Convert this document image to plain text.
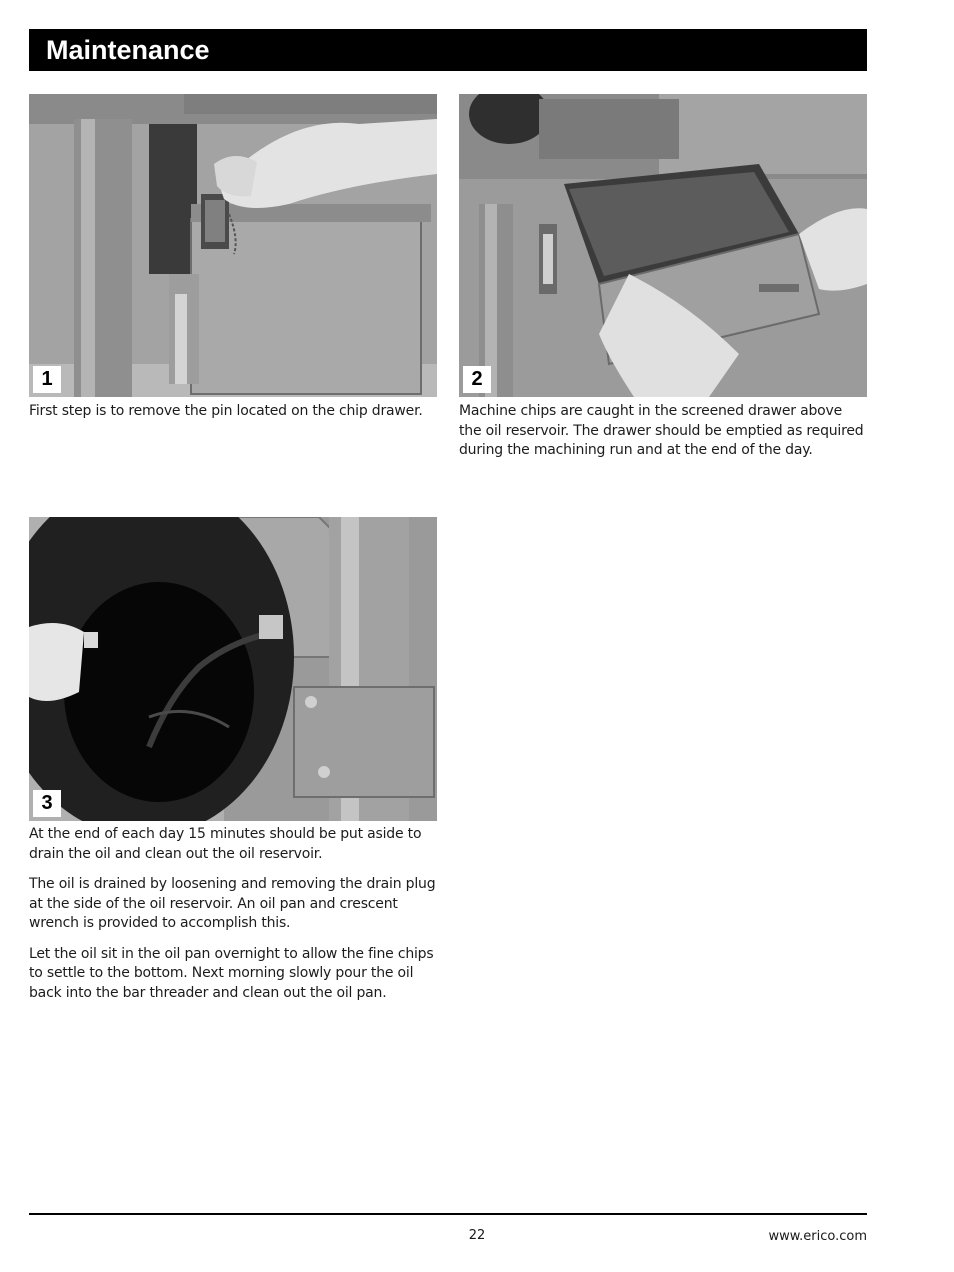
Maintenance
1

First step is to remove the pin located on the chip drawer.

2

Machine chips are caught in the screened drawer above the oil reservoir. The drawer should be emptied as required during the machining run and at the end of the day.

3

At the end of each day 15 minutes should be put aside to drain the oil and clean out the oil reservoir.

The oil is drained by loosening and removing the drain plug at the side of the oil reservoir. An oil pan and crescent wrench is provided to accomplish this.

Let the oil sit in the oil pan overnight to allow the fine chips to settle to the bottom. Next morning slowly pour the oil back into the bar threader and clean out the oil pan.

22	www.erico.com
